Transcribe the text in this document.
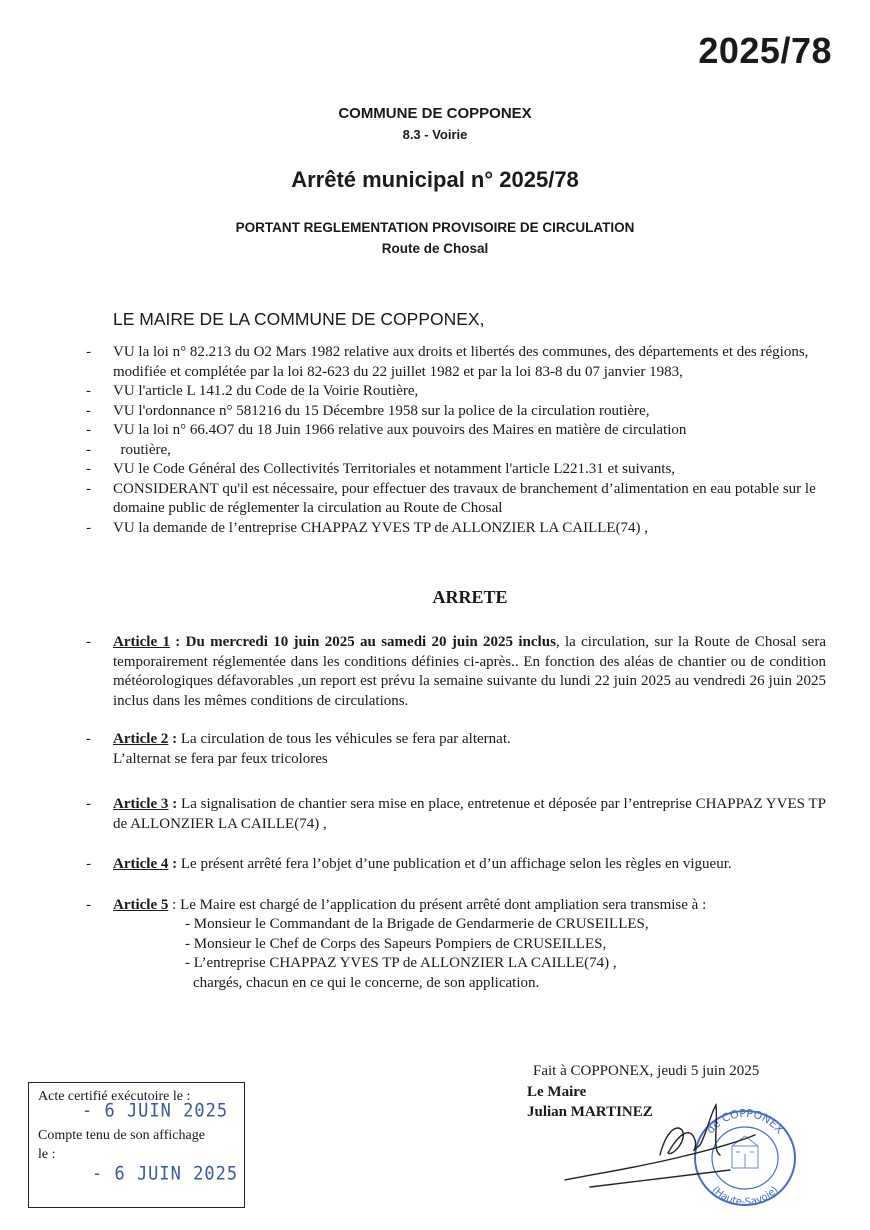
2025/78
COMMUNE DE COPPONEX
8.3 - Voirie
Arrêté municipal n° 2025/78
PORTANT REGLEMENTATION PROVISOIRE DE CIRCULATION
Route de Chosal
LE MAIRE DE LA COMMUNE DE COPPONEX,
- VU la loi n° 82.213 du O2 Mars 1982 relative aux droits et libertés des communes, des départements et des régions, modifiée et complétée par la loi 82-623 du 22 juillet 1982 et par la loi 83-8 du 07 janvier 1983,
- VU l'article L 141.2 du Code de la Voirie Routière,
- VU l'ordonnance n° 581216 du 15 Décembre 1958 sur la police de la circulation routière,
- VU la loi n° 66.4O7 du 18 Juin 1966 relative aux pouvoirs des Maires en matière de circulation
- routière,
- VU le Code Général des Collectivités Territoriales et notamment l'article L221.31 et suivants,
- CONSIDERANT qu'il est nécessaire, pour effectuer des travaux de branchement d’alimentation en eau potable sur le domaine public de réglementer la circulation au Route de Chosal
- VU la demande de l’entreprise CHAPPAZ YVES TP de ALLONZIER LA CAILLE(74) ,
ARRETE
- Article 1 : Du mercredi 10 juin 2025 au samedi 20 juin 2025 inclus, la circulation, sur la Route de Chosal sera temporairement réglementée dans les conditions définies ci-après.. En fonction des aléas de chantier ou de condition météorologiques défavorables ,un report est prévu la semaine suivante du lundi 22 juin 2025 au vendredi 26 juin 2025 inclus dans les mêmes conditions de circulations.
- Article 2 : La circulation de tous les véhicules se fera par alternat.
L’alternat se fera par feux tricolores
- Article 3 : La signalisation de chantier sera mise en place, entretenue et déposée par l’entreprise CHAPPAZ YVES TP de ALLONZIER LA CAILLE(74) ,
- Article 4 : Le présent arrêté fera l’objet d’une publication et d’un affichage selon les règles en vigueur.
- Article 5 : Le Maire est chargé de l’application du présent arrêté dont ampliation sera transmise à :
- Monsieur le Commandant de la Brigade de Gendarmerie de CRUSEILLES,
- Monsieur le Chef de Corps des Sapeurs Pompiers de CRUSEILLES,
- L’entreprise CHAPPAZ YVES TP de ALLONZIER LA CAILLE(74) ,
chargés, chacun en ce qui le concerne, de son application.
Fait à COPPONEX, jeudi 5 juin 2025
Le Maire
Julian MARTINEZ
de COPPONEX
(Haute-Savoie)
Acte certifié exécutoire le :
- 6 JUIN 2025
Compte tenu de son affichage
le :
- 6 JUIN 2025
